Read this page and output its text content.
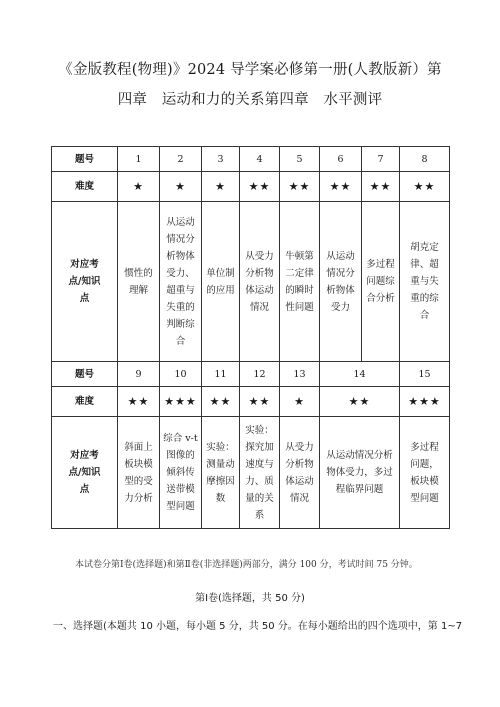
《金版教程(物理)》2024 导学案必修第一册(人教版新）第
四章　运动和力的关系第四章　水平测评
题号	1	2	3	4	5	6	7	8
难度	★	★	★	★★	★★	★★	★★	★★
对应考点/知识点	惯性的理解	从运动情况分析物体受力、超重与失重的判断综合	单位制的应用	从受力分析物体运动情况	牛顿第二定律的瞬时性问题	从运动情况分析物体受力	多过程问题综合分析	胡克定律、超重与失重的综合
题号	9	10	11	12	13	14		15
难度	★★	★★★	★★	★★	★	★★		★★★
对应考点/知识点	斜面上板块模型的受力分析	综合 v-t 图像的倾斜传送带模型问题	实验：测量动摩擦因数	实验：探究加速度与力、质量的关系	从受力分析物体运动情况	从运动情况分析物体受力，多过程临界问题		多过程问题，板块模型问题
本试卷分第Ⅰ卷(选择题)和第Ⅱ卷(非选择题)两部分，满分 100 分，考试时间 75 分钟。
第Ⅰ卷(选择题，共 50 分)
一、选择题(本题共 10 小题，每小题 5 分，共 50 分。在每小题给出的四个选项中，第 1~7
